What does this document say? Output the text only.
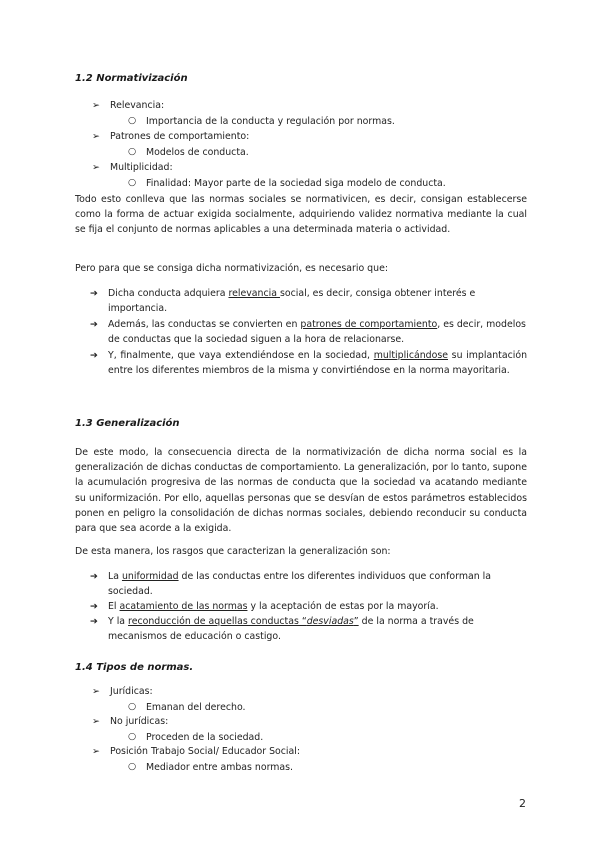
1.2 Normativización
➢ Relevancia:
○ Importancia de la conducta y regulación por normas.
➢ Patrones de comportamiento:
○ Modelos de conducta.
➢ Multiplicidad:
○ Finalidad: Mayor parte de la sociedad siga modelo de conducta.
Todo esto conlleva que las normas sociales se normativicen, es decir, consigan establecerse como la forma de actuar exigida socialmente, adquiriendo validez normativa mediante la cual se fija el conjunto de normas aplicables a una determinada materia o actividad.
Pero para que se consiga dicha normativización, es necesario que:
➔ Dicha conducta adquiera relevancia social, es decir, consiga obtener interés e importancia.
➔ Además, las conductas se convierten en patrones de comportamiento, es decir, modelos de conductas que la sociedad siguen a la hora de relacionarse.
➔ Y, finalmente, que vaya extendiéndose en la sociedad, multiplicándose su implantación entre los diferentes miembros de la misma y convirtiéndose en la norma mayoritaria.
1.3 Generalización
De este modo, la consecuencia directa de la normativización de dicha norma social es la generalización de dichas conductas de comportamiento. La generalización, por lo tanto, supone la acumulación progresiva de las normas de conducta que la sociedad va acatando mediante su uniformización. Por ello, aquellas personas que se desvían de estos parámetros establecidos ponen en peligro la consolidación de dichas normas sociales, debiendo reconducir su conducta para que sea acorde a la exigida.
De esta manera, los rasgos que caracterizan la generalización son:
➔ La uniformidad de las conductas entre los diferentes individuos que conforman la sociedad.
➔ El acatamiento de las normas y la aceptación de estas por la mayoría.
➔ Y la reconducción de aquellas conductas “desviadas” de la norma a través de mecanismos de educación o castigo.
1.4 Tipos de normas.
➢ Jurídicas:
○ Emanan del derecho.
➢ No jurídicas:
○ Proceden de la sociedad.
➢ Posición Trabajo Social/ Educador Social:
○ Mediador entre ambas normas.
2
